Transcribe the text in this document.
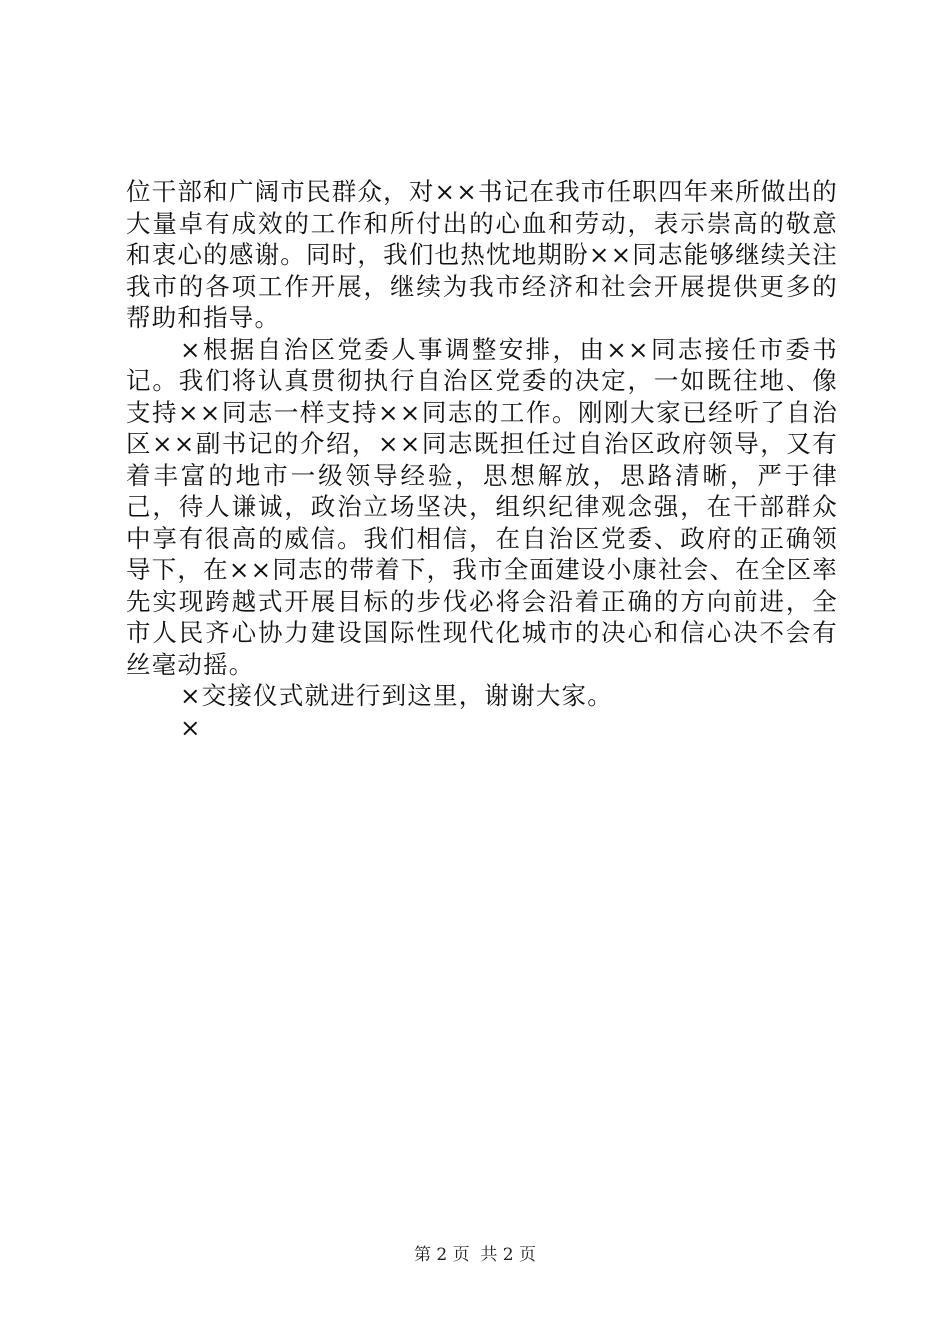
位干部和广阔市民群众，对××书记在我市任职四年来所做出的大量卓有成效的工作和所付出的心血和劳动，表示崇高的敬意和衷心的感谢。同时，我们也热忱地期盼××同志能够继续关注我市的各项工作开展，继续为我市经济和社会开展提供更多的帮助和指导。

×根据自治区党委人事调整安排，由××同志接任市委书记。我们将认真贯彻执行自治区党委的决定，一如既往地、像支持××同志一样支持××同志的工作。刚刚大家已经听了自治区××副书记的介绍，××同志既担任过自治区政府领导，又有着丰富的地市一级领导经验，思想解放，思路清晰，严于律己，待人谦诚，政治立场坚决，组织纪律观念强，在干部群众中享有很高的威信。我们相信，在自治区党委、政府的正确领导下，在××同志的带着下，我市全面建设小康社会、在全区率先实现跨越式开展目标的步伐必将会沿着正确的方向前进，全市人民齐心协力建设国际性现代化城市的决心和信心决不会有丝毫动摇。

×交接仪式就进行到这里，谢谢大家。

×

第 2 页  共 2 页
